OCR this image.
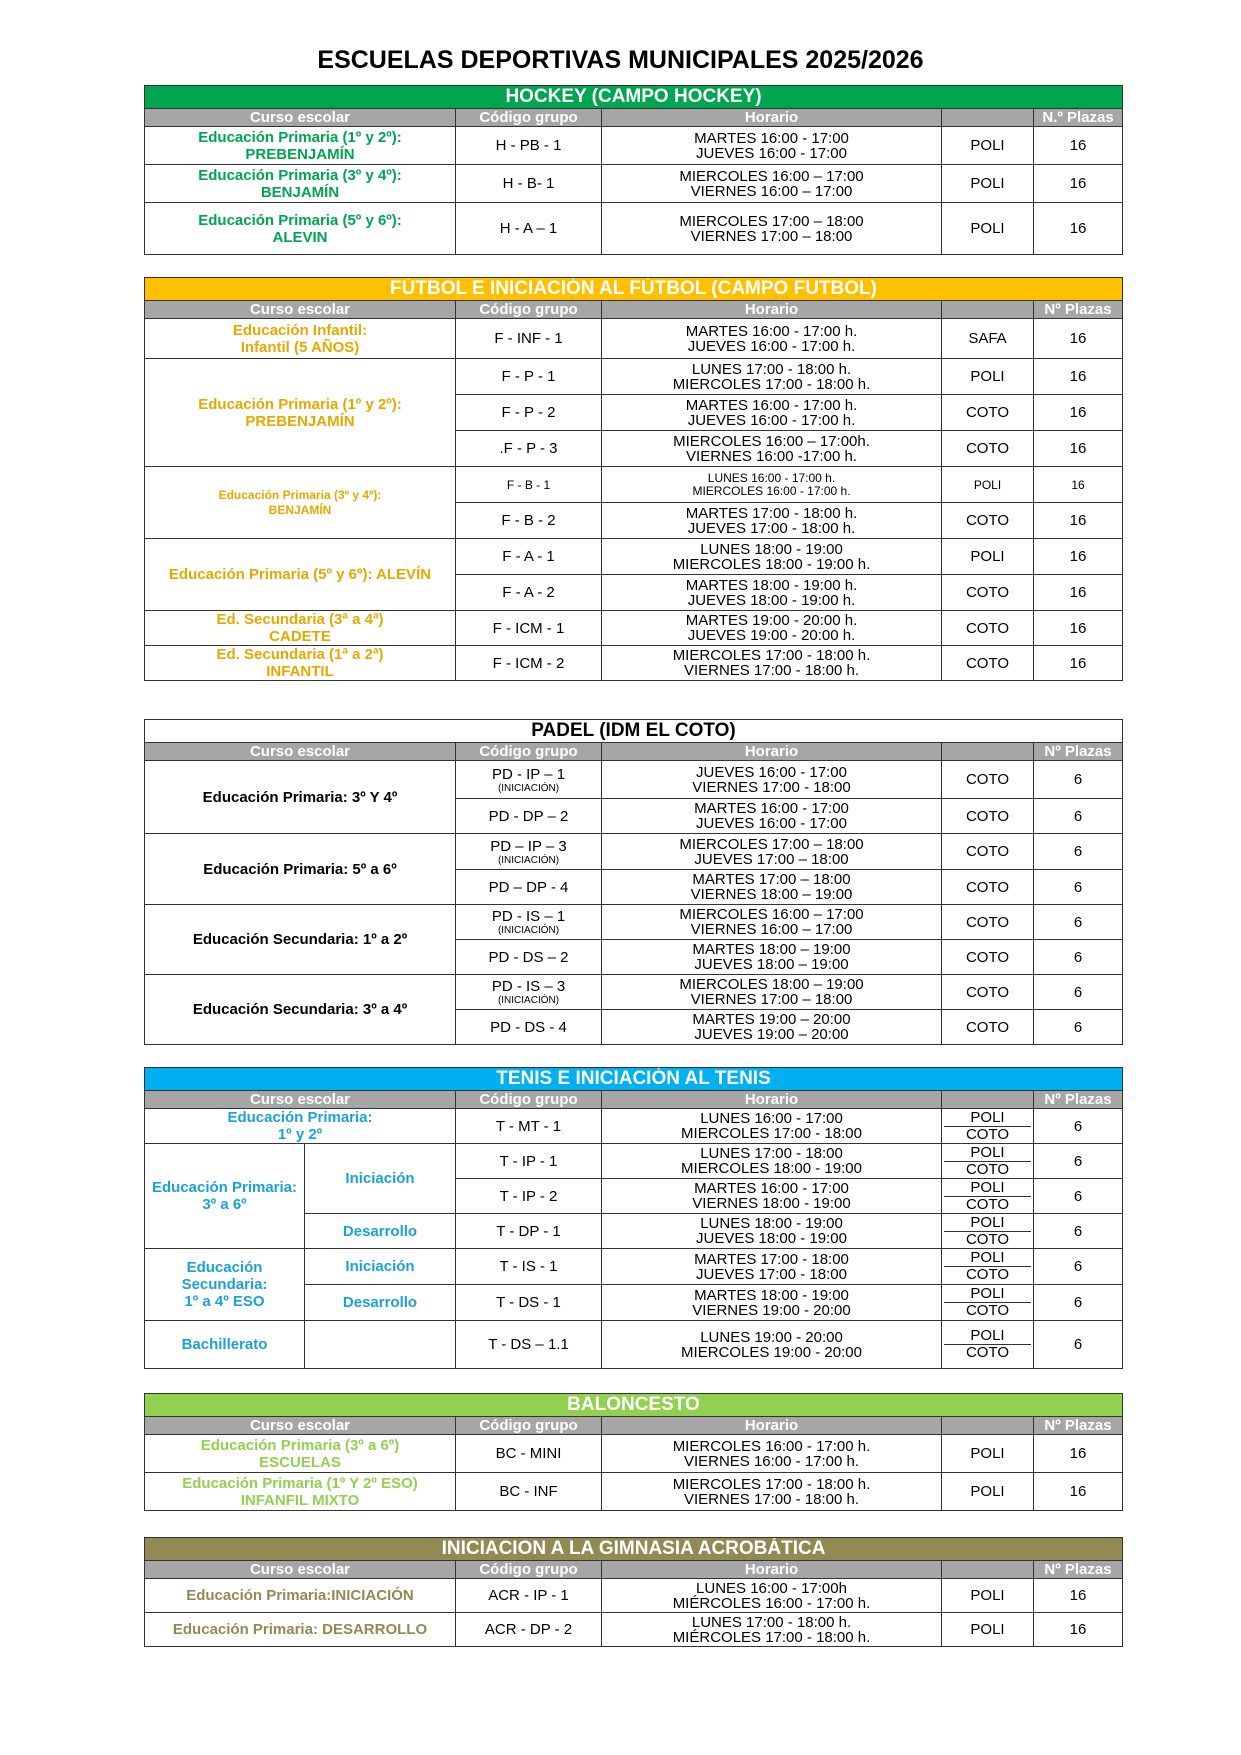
ESCUELAS DEPORTIVAS MUNICIPALES 2025/2026
HOCKEY (CAMPO HOCKEY)				
Curso escolar	Código grupo	Horario		N.º Plazas
Educación Primaria (1º y 2º):
PREBENJAMÍN	H - PB - 1	MARTES 16:00 - 17:00
JUEVES 16:00 - 17:00	POLI	16
Educación Primaria (3º y 4º):
BENJAMÍN	H - B- 1	MIERCOLES 16:00 – 17:00
VIERNES 16:00 – 17:00	POLI	16
Educación Primaria (5º y 6º):
ALEVIN	H - A – 1	MIERCOLES 17:00 – 18:00
VIERNES 17:00 – 18:00	POLI	16
FÚTBOL E INICIACIÓN AL FÚTBOL (CAMPO FUTBOL)				
Curso escolar	Código grupo	Horario		Nº Plazas
Educación Infantil:
Infantil (5 AÑOS)	F - INF - 1	MARTES 16:00 - 17:00 h.
JUEVES 16:00 - 17:00 h.	SAFA	16
Educación Primaria (1º y 2º):
PREBENJAMÍN	F - P - 1	LUNES 17:00 - 18:00 h.
MIERCOLES 17:00 - 18:00 h.	POLI	16
	F - P - 2	MARTES 16:00 - 17:00 h.
JUEVES 16:00 - 17:00 h.	COTO	16
	.F - P - 3	MIERCOLES 16:00 – 17:00h.
VIERNES 16:00 -17:00 h.	COTO	16
Educación Primaria (3º y 4º):
BENJAMÍN	F - B - 1	LUNES 16:00 - 17:00 h.
MIERCOLES 16:00 - 17:00 h.	POLI	16
	F - B - 2	MARTES 17:00 - 18:00 h.
JUEVES 17:00 - 18:00 h.	COTO	16
Educación Primaria (5º y 6º): ALEVÍN	F - A - 1	LUNES 18:00 - 19:00
MIERCOLES 18:00 - 19:00 h.	POLI	16
	F - A - 2	MARTES 18:00 - 19:00 h.
JUEVES 18:00 - 19:00 h.	COTO	16
Ed. Secundaria (3ª a 4ª)
CADETE	F - ICM - 1	MARTES 19:00 - 20:00 h.
JUEVES 19:00 - 20:00 h.	COTO	16
Ed. Secundaria (1ª a 2ª)
INFANTIL	F - ICM - 2	MIERCOLES 17:00 - 18:00 h.
VIERNES 17:00 - 18:00 h.	COTO	16
PADEL (IDM EL COTO)				
Curso escolar	Código grupo	Horario		Nº Plazas
Educación Primaria: 3º Y 4º	PD - IP – 1
(INICIACIÓN)	JUEVES 16:00 - 17:00
VIERNES 17:00 - 18:00	COTO	6
	PD - DP – 2	MARTES 16:00 - 17:00
JUEVES 16:00 - 17:00	COTO	6
Educación Primaria: 5º a 6º	PD – IP – 3
(INICIACIÓN)	MIERCOLES 17:00 – 18:00
JUEVES 17:00 – 18:00	COTO	6
	PD – DP - 4	MARTES 17:00 – 18:00
VIERNES 18:00 – 19:00	COTO	6
Educación Secundaria: 1º a 2º	PD - IS – 1
(INICIACIÓN)	MIERCOLES 16:00 – 17:00
VIERNES 16:00 – 17:00	COTO	6
	PD - DS – 2	MARTES 18:00 – 19:00
JUEVES 18:00 – 19:00	COTO	6
Educación Secundaria: 3º a 4º	PD - IS – 3
(INICIACIÓN)	MIERCOLES 18:00 – 19:00
VIERNES 17:00 – 18:00	COTO	6
	PD - DS - 4	MARTES 19:00 – 20:00
JUEVES 19:00 – 20:00	COTO	6
TENIS E INICIACIÓN AL TENIS					
Curso escolar		Código grupo	Horario		Nº Plazas
Educación Primaria:
1º y 2º		T - MT - 1	LUNES 16:00 - 17:00
MIERCOLES 17:00 - 18:00	POLI
COTO	6
Educación Primaria:
3º a 6º	Iniciación	T - IP - 1	LUNES 17:00 - 18:00
MIERCOLES 18:00 - 19:00	POLI
COTO	6
		T - IP - 2	MARTES 16:00 - 17:00
VIERNES 18:00 - 19:00	POLI
COTO	6
	Desarrollo	T - DP - 1	LUNES 18:00 - 19:00
JUEVES 18:00 - 19:00	POLI
COTO	6
Educación
Secundaria:
1º a 4º ESO	Iniciación	T - IS - 1	MARTES 17:00 - 18:00
JUEVES 17:00 - 18:00	POLI
COTO	6
	Desarrollo	T - DS - 1	MARTES 18:00 - 19:00
VIERNES 19:00 - 20:00	POLI
COTO	6
Bachillerato		T - DS – 1.1	LUNES 19:00 - 20:00
MIERCOLES 19:00 - 20:00	POLI
COTO	6
BALONCESTO				
Curso escolar	Código grupo	Horario		Nº Plazas
Educación Primaria (3º a 6º)
ESCUELAS	BC - MINI	MIERCOLES 16:00 - 17:00 h.
VIERNES 16:00 - 17:00 h.	POLI	16
Educación Primaria (1º Y 2º ESO)
INFANFIL MIXTO	BC - INF	MIERCOLES 17:00 - 18:00 h.
VIERNES 17:00 - 18:00 h.	POLI	16
INICIACION A LA GIMNASIA ACROBÁTICA				
Curso escolar	Código grupo	Horario		Nº Plazas
Educación Primaria:INICIACIÓN	ACR - IP - 1	LUNES 16:00 - 17:00h
MIÉRCOLES 16:00 - 17:00 h.	POLI	16
Educación Primaria: DESARROLLO	ACR - DP - 2	LUNES 17:00 - 18:00 h.
MIÉRCOLES 17:00 - 18:00 h.	POLI	16
